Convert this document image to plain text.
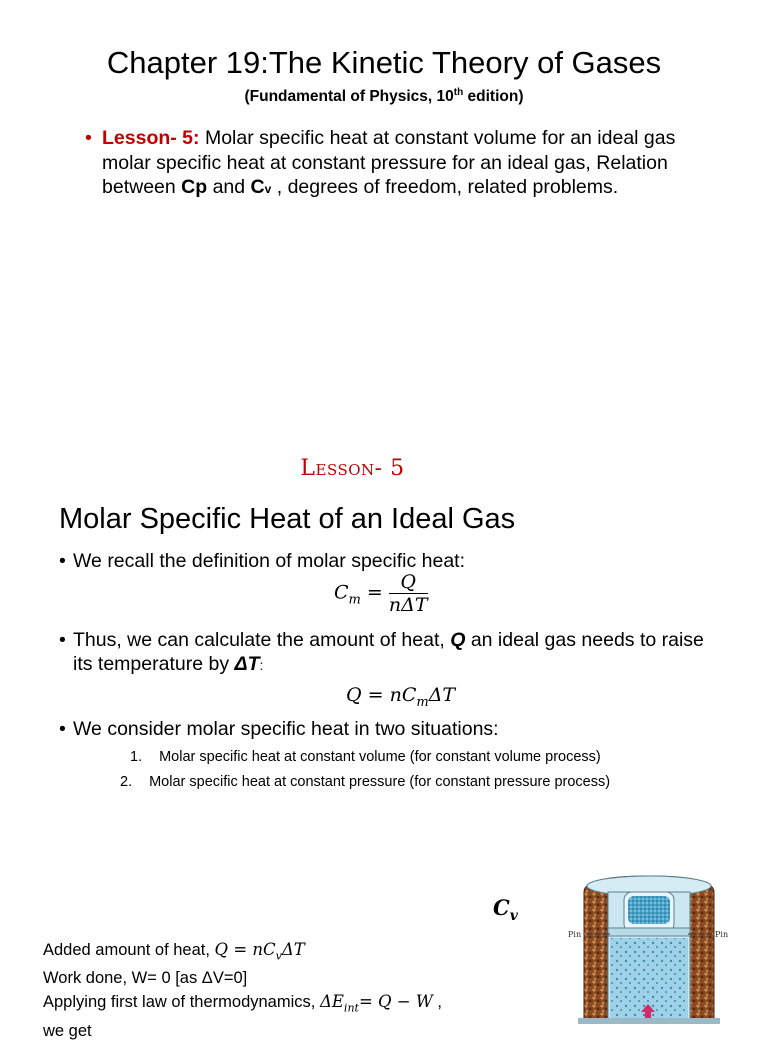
Chapter 19:The Kinetic Theory of Gases
(Fundamental of Physics, 10th edition)
• Lesson- 5: Molar specific heat at constant volume for an ideal gas molar specific heat at constant pressure for an ideal gas, Relation between Cp and Cv , degrees of freedom, related problems.
Lesson- 5
Molar Specific Heat of an Ideal Gas
• We recall the definition of molar specific heat:
$C_m = \frac{Q}{\text{nΔT}}$
• Thus, we can calculate the amount of heat, Q an ideal gas needs to raise its temperature by ΔT:
$Q = nC_m\Delta T$
• We consider molar specific heat in two situations:
1. Molar specific heat at constant volume (for constant volume process)
2. Molar specific heat at constant pressure (for constant pressure process)
$C_v$
Added amount of heat, $Q = nC_v\Delta T$
Work done, W= 0 [as ΔV=0]
Applying first law of thermodynamics, $\Delta E_{int}= Q - W$ ,
we get
Pin	Pin
